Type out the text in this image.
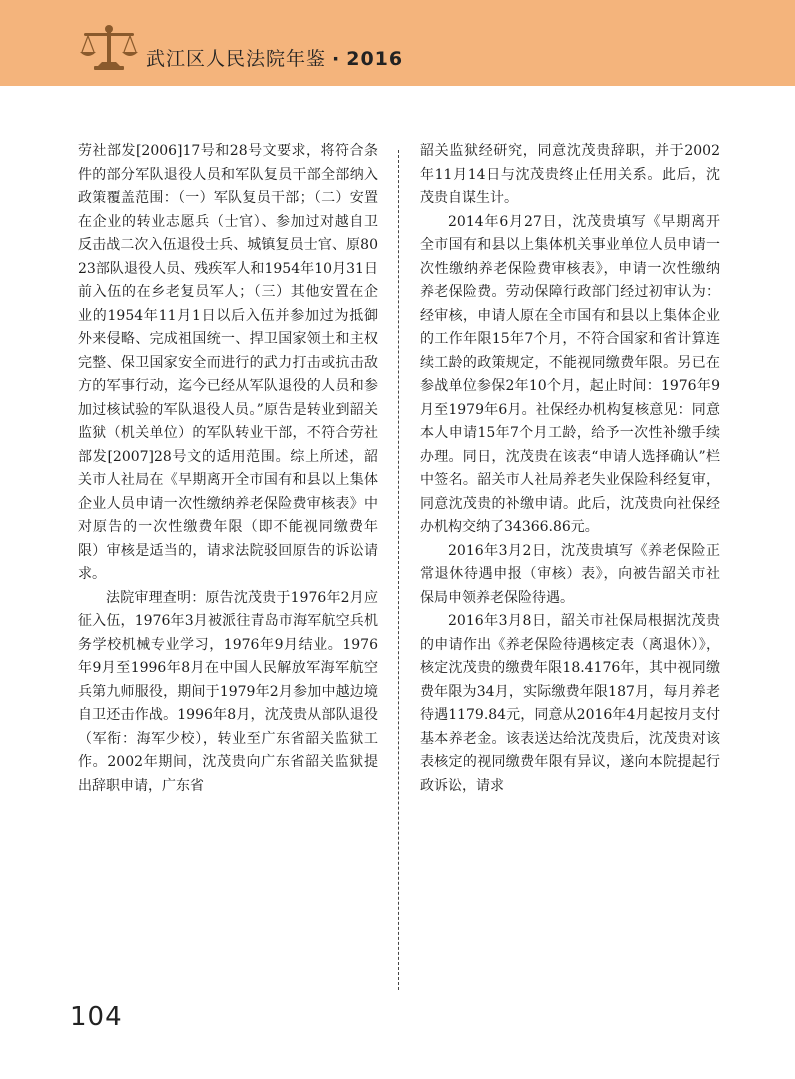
武江区人民法院年鉴 · 2016

劳社部发[2006]17号和28号文要求，将符合条件的部分军队退役人员和军队复员干部全部纳入政策覆盖范围：（一）军队复员干部；（二）安置在企业的转业志愿兵（士官）、参加过对越自卫反击战二次入伍退役士兵、城镇复员士官、原8023部队退役人员、残疾军人和1954年10月31日前入伍的在乡老复员军人；（三）其他安置在企业的1954年11月1日以后入伍并参加过为抵御外来侵略、完成祖国统一、捍卫国家领土和主权完整、保卫国家安全而进行的武力打击或抗击敌方的军事行动，迄今已经从军队退役的人员和参加过核试验的军队退役人员。”原告是转业到韶关监狱（机关单位）的军队转业干部，不符合劳社部发[2007]28号文的适用范围。综上所述，韶关市人社局在《早期离开全市国有和县以上集体企业人员申请一次性缴纳养老保险费审核表》中对原告的一次性缴费年限（即不能视同缴费年限）审核是适当的，请求法院驳回原告的诉讼请求。

法院审理查明：原告沈茂贵于1976年2月应征入伍，1976年3月被派往青岛市海军航空兵机务学校机械专业学习，1976年9月结业。1976年9月至1996年8月在中国人民解放军海军航空兵第九师服役，期间于1979年2月参加中越边境自卫还击作战。1996年8月，沈茂贵从部队退役（军衔：海军少校），转业至广东省韶关监狱工作。2002年期间，沈茂贵向广东省韶关监狱提出辞职申请，广东省

韶关监狱经研究，同意沈茂贵辞职，并于2002年11月14日与沈茂贵终止任用关系。此后，沈茂贵自谋生计。

2014年6月27日，沈茂贵填写《早期离开全市国有和县以上集体机关事业单位人员申请一次性缴纳养老保险费审核表》，申请一次性缴纳养老保险费。劳动保障行政部门经过初审认为：经审核，申请人原在全市国有和县以上集体企业的工作年限15年7个月，不符合国家和省计算连续工龄的政策规定，不能视同缴费年限。另已在参战单位参保2年10个月，起止时间：1976年9月至1979年6月。社保经办机构复核意见：同意本人申请15年7个月工龄，给予一次性补缴手续办理。同日，沈茂贵在该表“申请人选择确认”栏中签名。韶关市人社局养老失业保险科经复审，同意沈茂贵的补缴申请。此后，沈茂贵向社保经办机构交纳了34366.86元。

2016年3月2日，沈茂贵填写《养老保险正常退休待遇申报（审核）表》，向被告韶关市社保局申领养老保险待遇。

2016年3月8日，韶关市社保局根据沈茂贵的申请作出《养老保险待遇核定表（离退休）》，核定沈茂贵的缴费年限18.4176年，其中视同缴费年限为34月，实际缴费年限187月，每月养老待遇1179.84元，同意从2016年4月起按月支付基本养老金。该表送达给沈茂贵后，沈茂贵对该表核定的视同缴费年限有异议，遂向本院提起行政诉讼，请求

104
